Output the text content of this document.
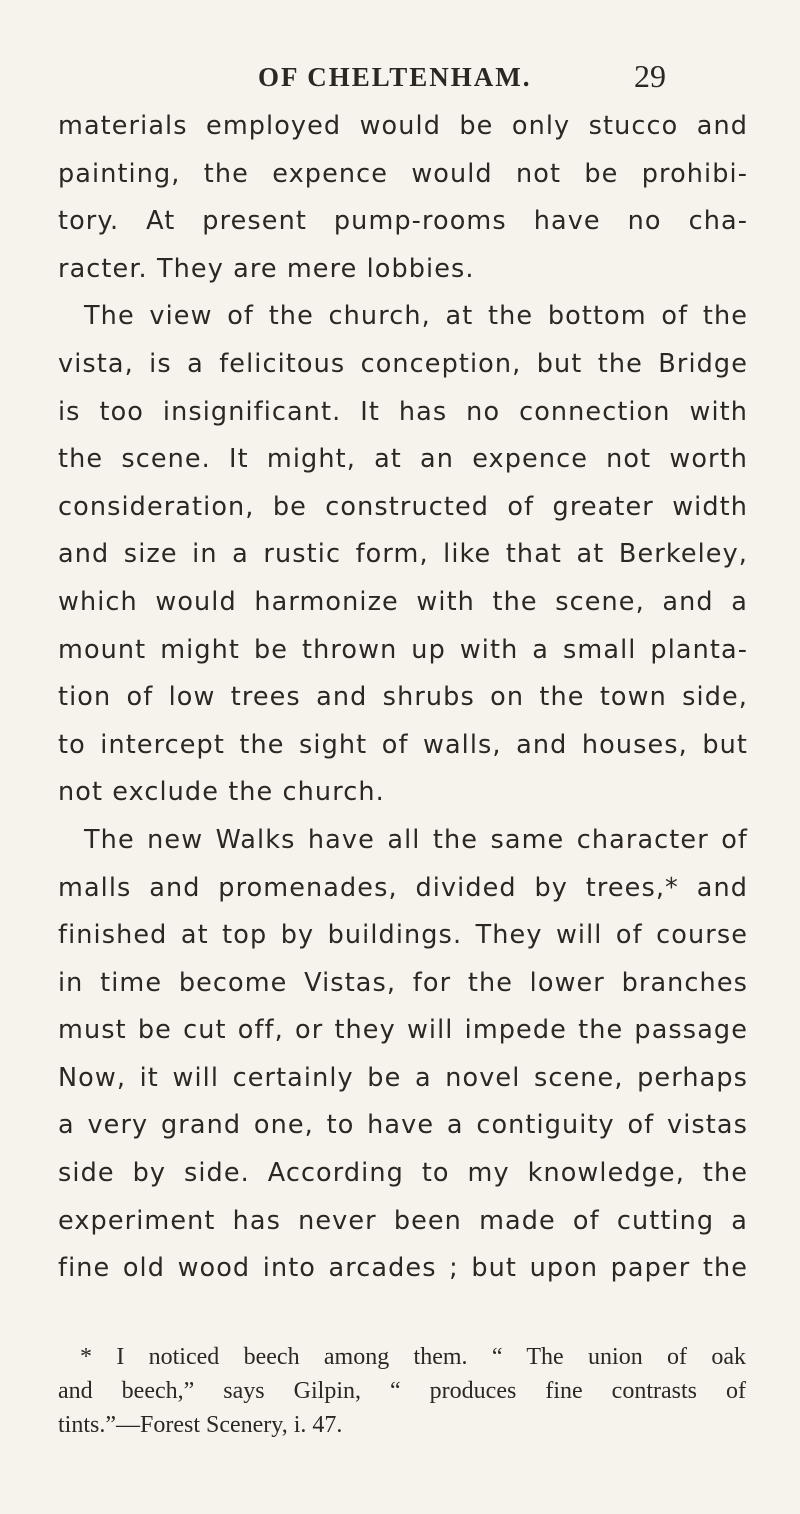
OF CHELTENHAM.	29
materials employed would be only stucco and
painting, the expence would not be prohibi-
tory. At present pump-rooms have no cha-
racter. They are mere lobbies.
The view of the church, at the bottom of the
vista, is a felicitous conception, but the Bridge
is too insignificant. It has no connection with
the scene. It might, at an expence not worth
consideration, be constructed of greater width
and size in a rustic form, like that at Berkeley,
which would harmonize with the scene, and a
mount might be thrown up with a small planta-
tion of low trees and shrubs on the town side,
to intercept the sight of walls, and houses, but
not exclude the church.
The new Walks have all the same character of
malls and promenades, divided by trees,* and
finished at top by buildings. They will of course
in time become Vistas, for the lower branches
must be cut off, or they will impede the passage
Now, it will certainly be a novel scene, perhaps
a very grand one, to have a contiguity of vistas
side by side. According to my knowledge, the
experiment has never been made of cutting a
fine old wood into arcades ; but upon paper the
* I noticed beech among them. “ The union of oak
and beech,” says Gilpin, “ produces fine contrasts of
tints.”—Forest Scenery, i. 47.
